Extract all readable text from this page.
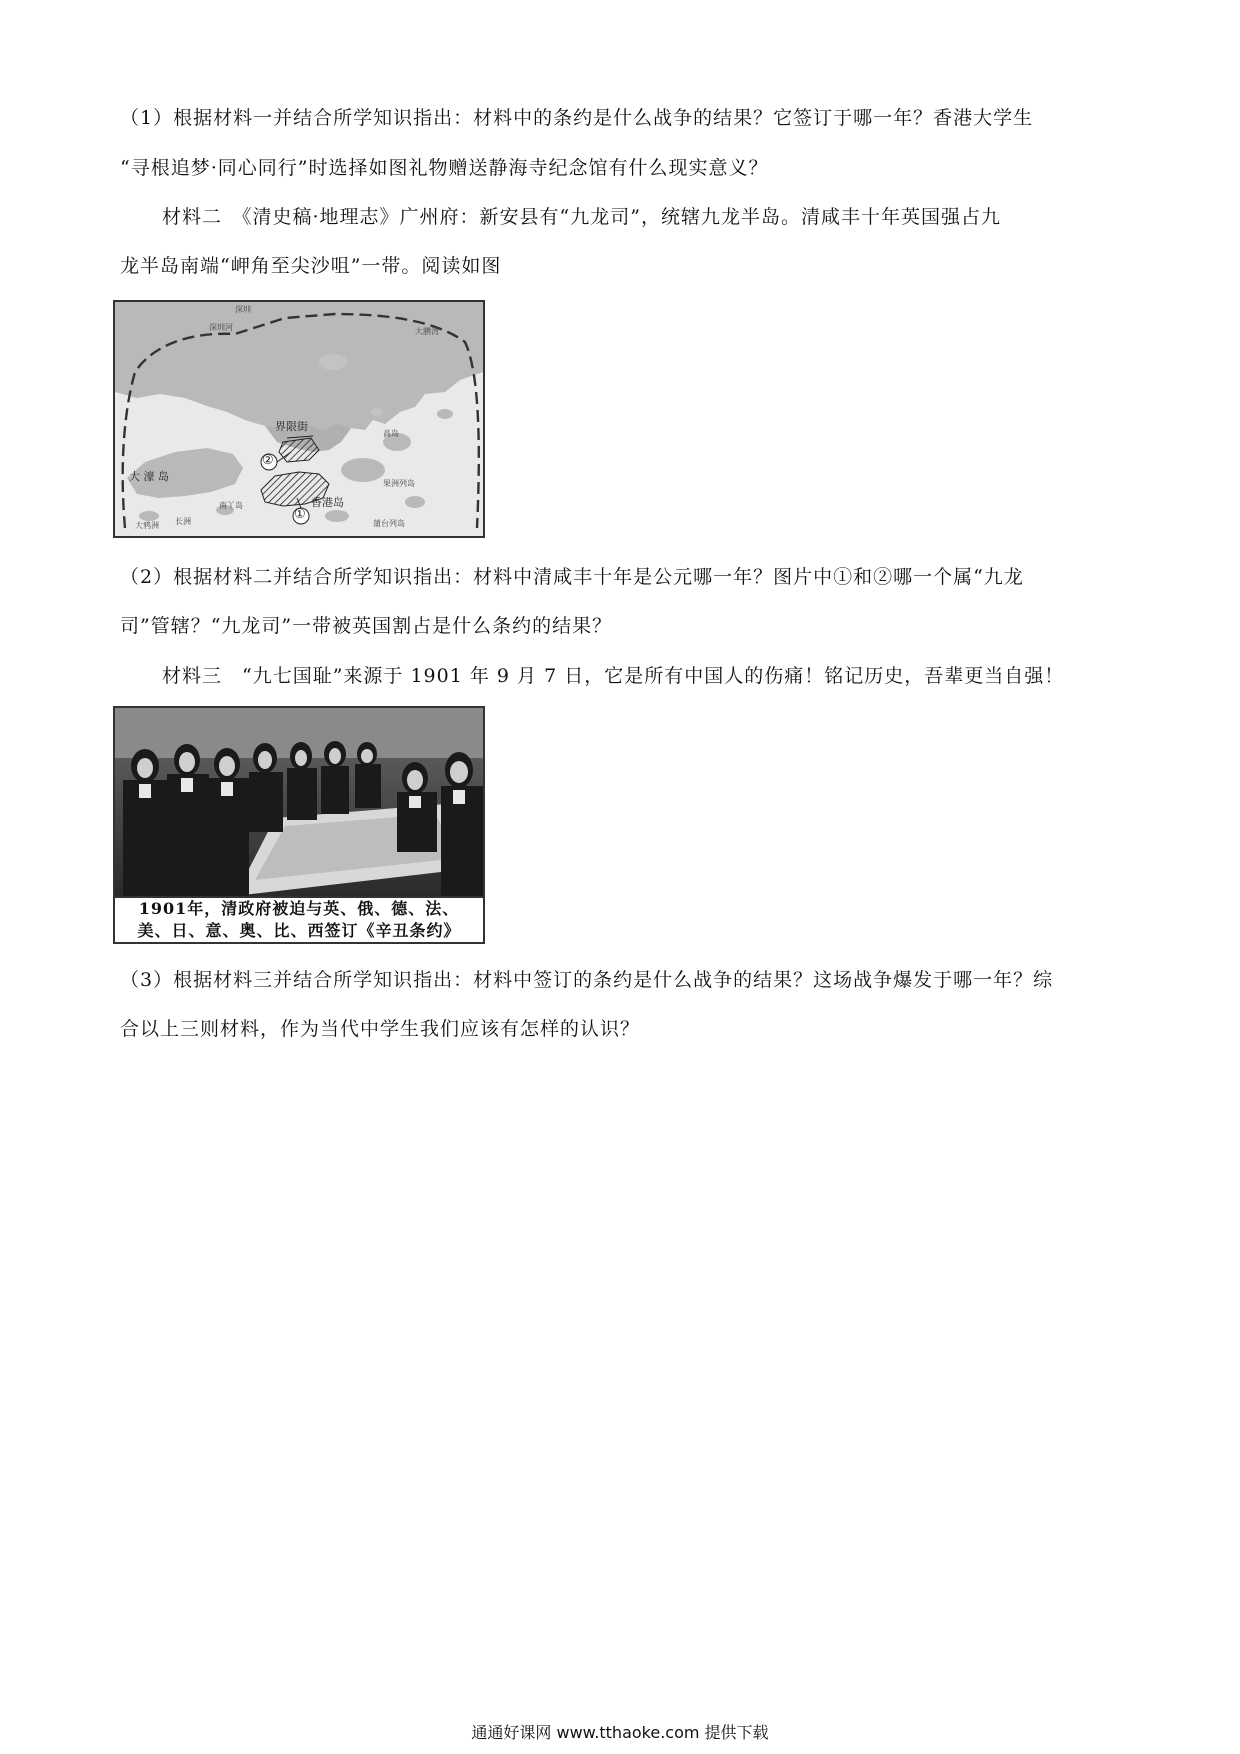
（1）根据材料一并结合所学知识指出：材料中的条约是什么战争的结果？它签订于哪一年？香港大学生
“寻根追梦·同心同行”时选择如图礼物赠送静海寺纪念馆有什么现实意义？
材料二　《清史稿·地理志》广州府：新安县有“九龙司”，统辖九龙半岛。清咸丰十年英国强占九
龙半岛南端“岬角至尖沙咀”一带。阅读如图
深圳
深圳河	大鹏湾
界限街
高岛
大 濠 岛
香港岛
果洲列岛
南丫岛
蒲台列岛
大鸦洲 长洲
②
①
（2）根据材料二并结合所学知识指出：材料中清咸丰十年是公元哪一年？图片中①和②哪一个属“九龙
司”管辖？“九龙司”一带被英国割占是什么条约的结果？
材料三　“九七国耻”来源于 1901 年 9 月 7 日，它是所有中国人的伤痛！铭记历史，吾辈更当自强！
1901年，清政府被迫与英、俄、德、法、
美、日、意、奥、比、西签订《辛丑条约》
（3）根据材料三并结合所学知识指出：材料中签订的条约是什么战争的结果？这场战争爆发于哪一年？综
合以上三则材料，作为当代中学生我们应该有怎样的认识？
通通好课网 www.tthaoke.com 提供下载
